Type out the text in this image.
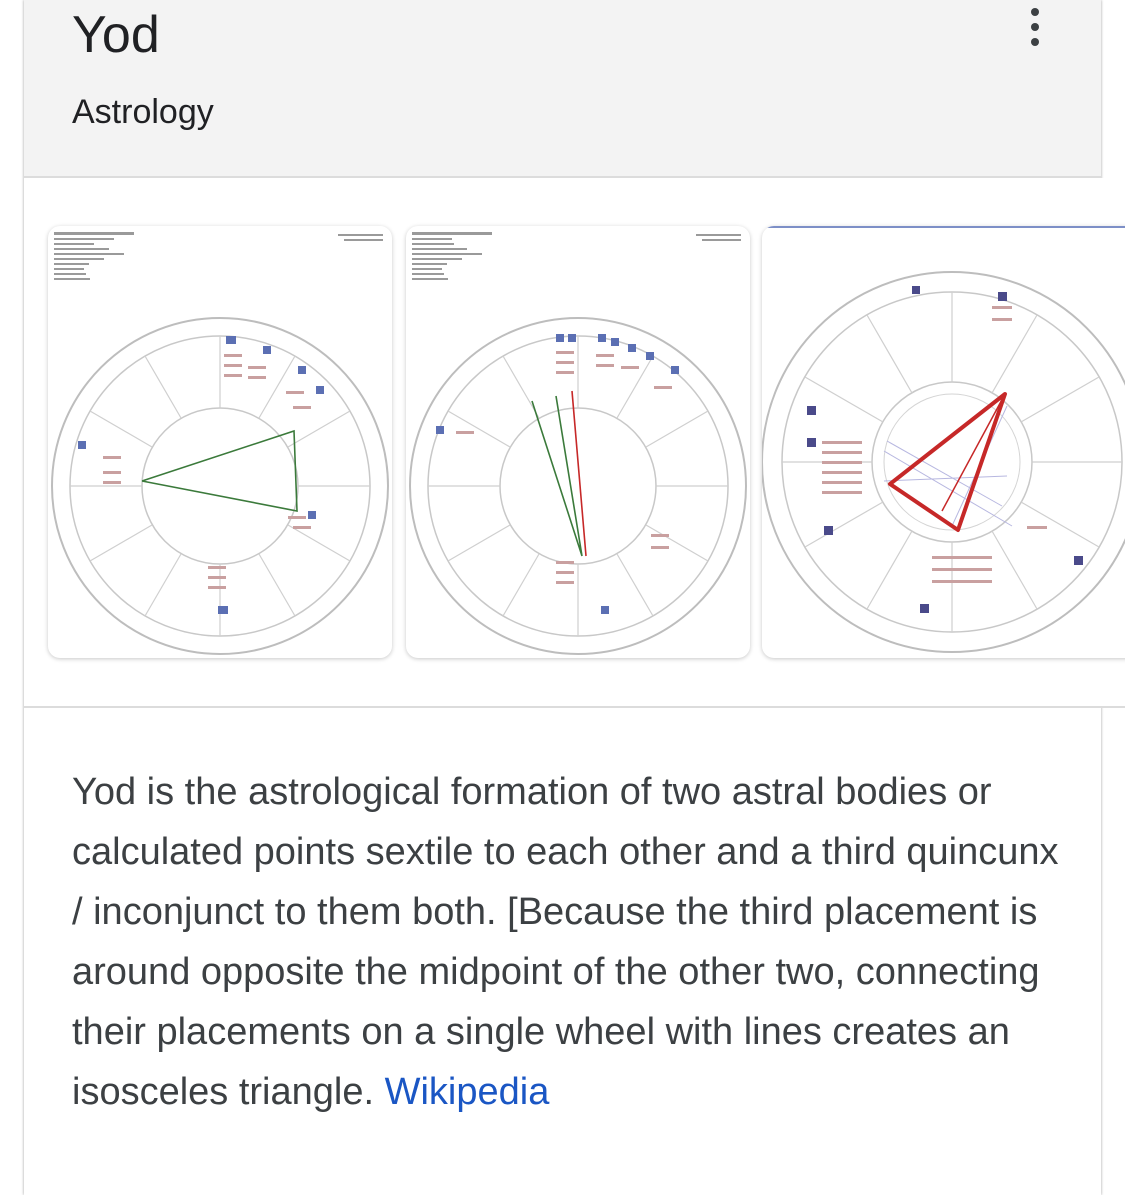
Yod
Astrology
Yod is the astrological formation of two astral bodies or calculated points sextile to each other and a third quincunx / inconjunct to them both. [Because the third placement is around opposite the midpoint of the other two, connecting their placements on a single wheel with lines creates an isosceles triangle. Wikipedia
